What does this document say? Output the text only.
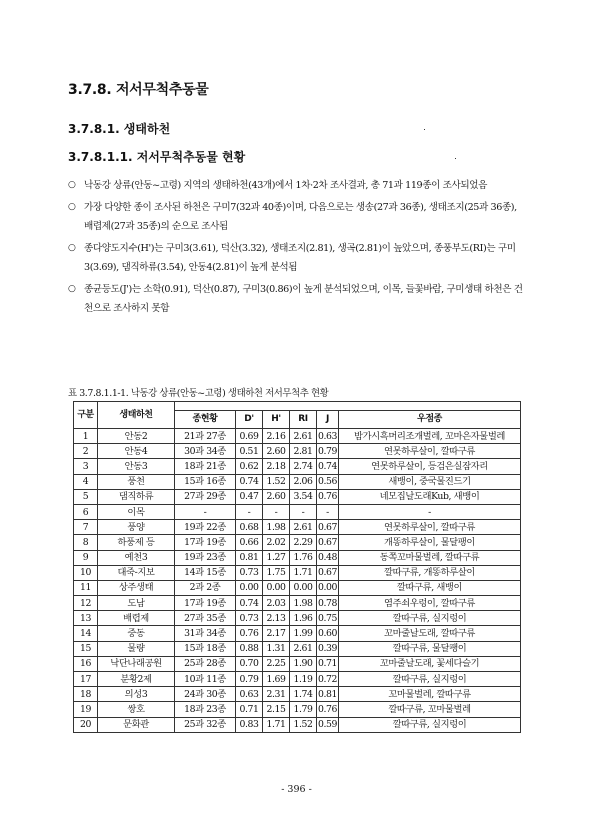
3.7.8. 저서무척추동물
3.7.8.1. 생태하천
3.7.8.1.1. 저서무척추동물 현황
○ 낙동강 상류(안동~고령) 지역의 생태하천(43개)에서 1차·2차 조사결과, 총 71과 119종이 조사되었음
○ 가장 다양한 종이 조사된 하천은 구미7(32과 40종)이며, 다음으로는 생송(27과 36종), 생태조지(25과 36종), 배렵제(27과 35종)의 순으로 조사됨
○ 종다양도지수(H')는 구미3(3.61), 덕산(3.32), 생태조지(2.81), 생곡(2.81)이 높았으며, 종풍부도(RI)는 구미3(3.69), 댐직하류(3.54), 안동4(2.81)이 높게 분석됨
○ 종균등도(J')는 소학(0.91), 덕산(0.87), 구미3(0.86)이 높게 분석되었으며, 이목, 들꽃바람, 구미생태 하천은 건천으로 조사하지 못함
표 3.7.8.1.1-1. 낙동강 상류(안동~고령) 생태하천 저서무척추 현황
구분	생태하천						
		종현황	D'	H'	RI	J	우점종
1	안동2	21과 27종	0.69	2.16	2.61	0.63	밤가시흑머리조개벌레, 꼬마은자물벌레
2	안동4	30과 34종	0.51	2.60	2.81	0.79	연못하루살이, 깔따구류
3	안동3	18과 21종	0.62	2.18	2.74	0.74	연못하루살이, 등검은실잠자리
4	풍천	15과 16종	0.74	1.52	2.06	0.56	새뱅이, 중국물진드기
5	댐직하류	27과 29종	0.47	2.60	3.54	0.76	네모집날도래Kub, 새뱅이
6	이목	-	-	-	-	-	-
7	풍양	19과 22종	0.68	1.98	2.61	0.67	연못하루살이, 깔따구류
8	하풍제 등	17과 19종	0.66	2.02	2.29	0.67	개똥하루살이, 물달팽이
9	예천3	19과 23종	0.81	1.27	1.76	0.48	동쪽꼬마물벌레, 깔따구류
10	대죽-지보	14과 15종	0.73	1.75	1.71	0.67	깔따구류, 개똥하루살이
11	상주생태	2과 2종	0.00	0.00	0.00	0.00	깔따구류, 새뱅이
12	도남	17과 19종	0.74	2.03	1.98	0.78	염주쇠우렁이, 깔따구류
13	배렵제	27과 35종	0.73	2.13	1.96	0.75	깔따구류, 실지렁이
14	중동	31과 34종	0.76	2.17	1.99	0.60	꼬마줄날도래, 깔따구류
15	물량	15과 18종	0.88	1.31	2.61	0.39	깔따구류, 물달팽이
16	낙단나래공원	25과 28종	0.70	2.25	1.90	0.71	꼬마줄날도래, 꽃세다슬기
17	분황2제	10과 11종	0.79	1.69	1.19	0.72	깔따구류, 실지렁이
18	의성3	24과 30종	0.63	2.31	1.74	0.81	꼬마물벌레, 깔따구류
19	쌍호	18과 23종	0.71	2.15	1.79	0.76	깔따구류, 꼬마물벌레
20	문화관	25과 32종	0.83	1.71	1.52	0.59	깔따구류, 실지렁이
- 396 -
